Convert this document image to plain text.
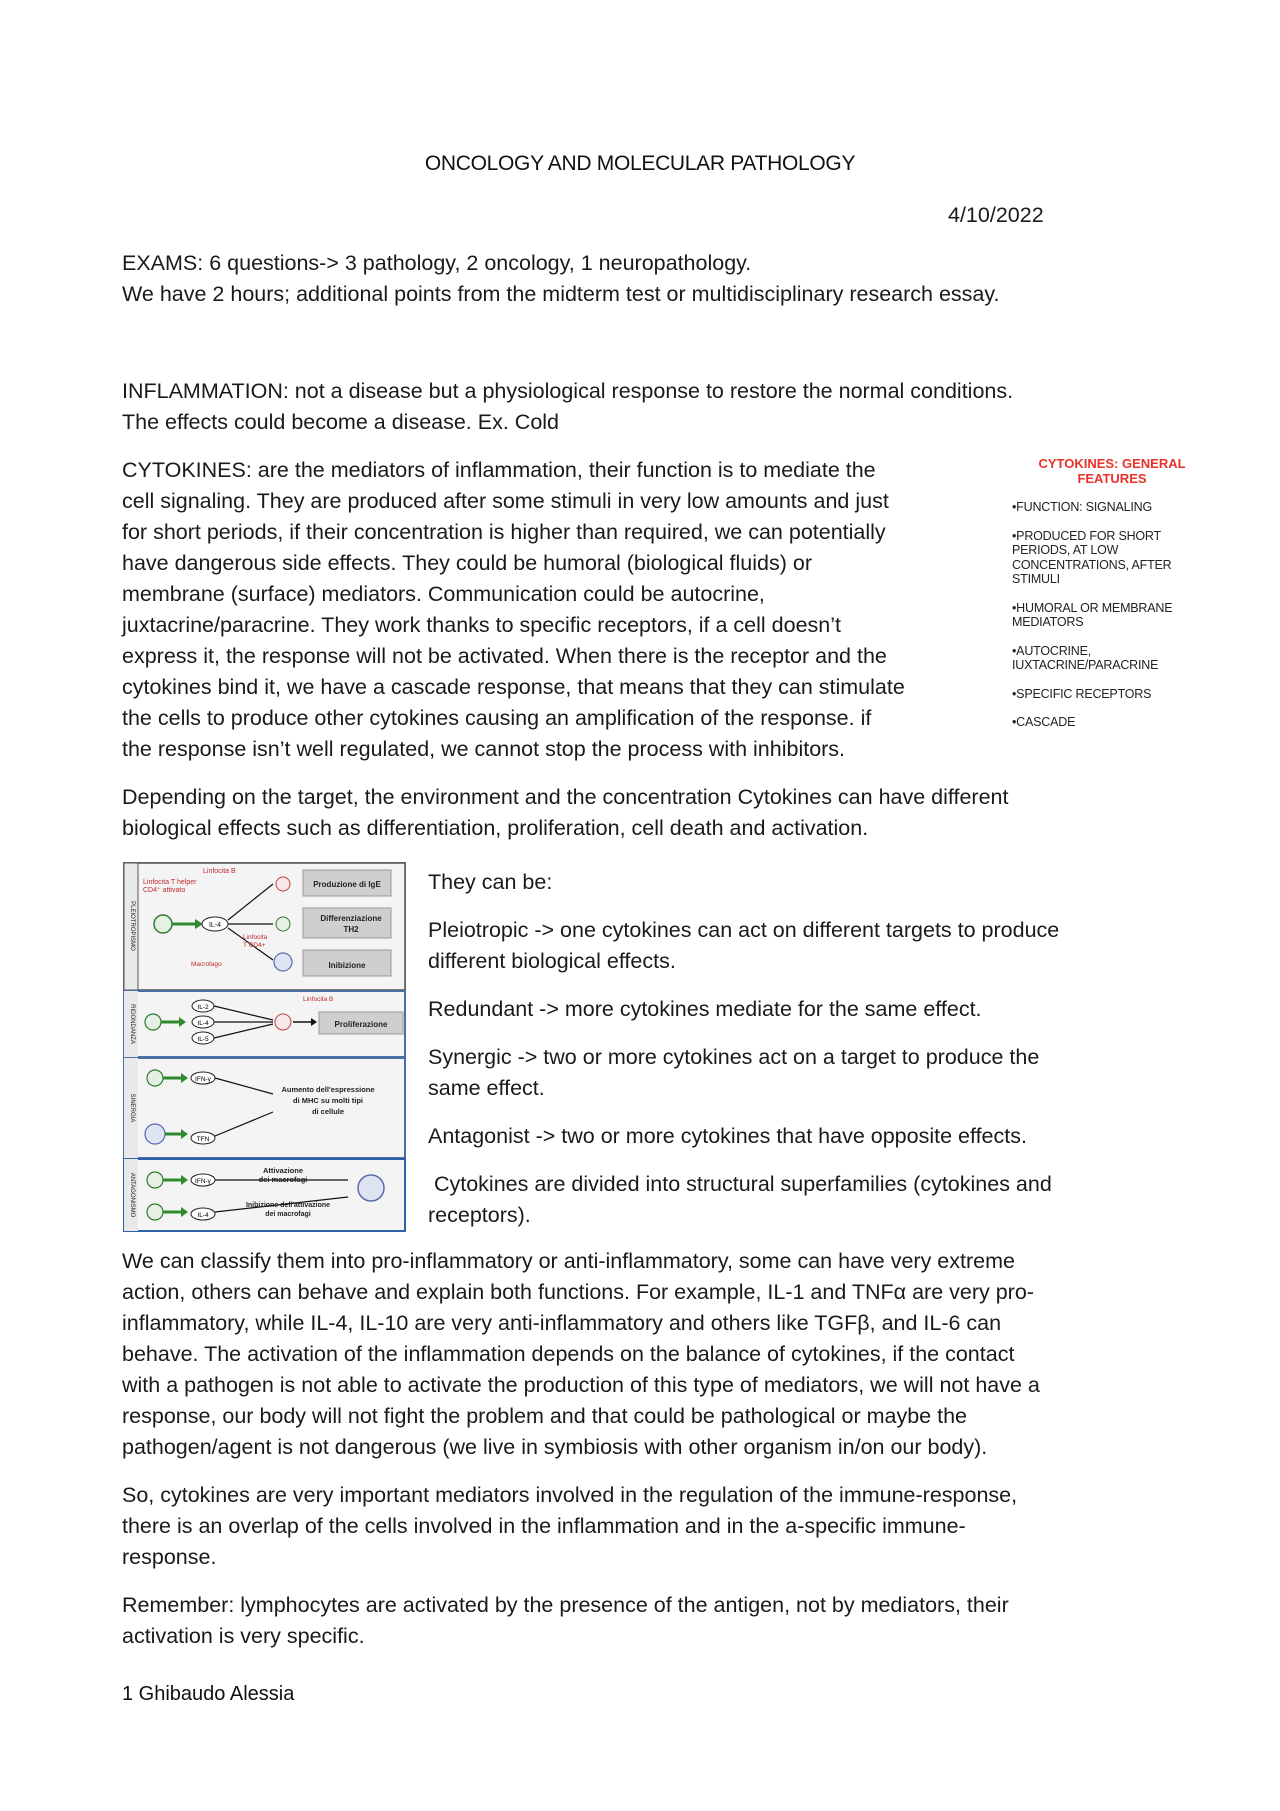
ONCOLOGY AND MOLECULAR PATHOLOGY
4/10/2022
EXAMS: 6 questions-> 3 pathology, 2 oncology, 1 neuropathology.
We have 2 hours; additional points from the midterm test or multidisciplinary research essay.
INFLAMMATION: not a disease but a physiological response to restore the normal conditions.
The effects could become a disease. Ex. Cold
CYTOKINES: are the mediators of inflammation, their function is to mediate the
cell signaling. They are produced after some stimuli in very low amounts and just
for short periods, if their concentration is higher than required, we can potentially
have dangerous side effects. They could be humoral (biological fluids) or
membrane (surface) mediators. Communication could be autocrine,
juxtacrine/paracrine. They work thanks to specific receptors, if a cell doesn’t
express it, the response will not be activated. When there is the receptor and the
cytokines bind it, we have a cascade response, that means that they can stimulate
the cells to produce other cytokines causing an amplification of the response. if
the response isn’t well regulated, we cannot stop the process with inhibitors.
CYTOKINES: GENERAL
FEATURES
•FUNCTION: SIGNALING
•PRODUCED FOR SHORT
PERIODS, AT LOW
CONCENTRATIONS, AFTER
STIMULI
•HUMORAL OR MEMBRANE
MEDIATORS
•AUTOCRINE,
IUXTACRINE/PARACRINE
•SPECIFIC RECEPTORS
•CASCADE
Depending on the target, the environment and the concentration Cytokines can have different
biological effects such as differentiation, proliferation, cell death and activation.
PLEIOTROPISMO
RIDONDANZA
SINERGIA
ANTAGONISMO
Linfocita B
Linfocita T helper
CD4⁺ attivato
IL-4
Produzione di IgE
Linfocita
T CD4+
Differenziazione
TH2
Macrofago	Inibizione
Linfocita B
IL-2
IL-4
IL-5
Proliferazione
IFN-γ
Aumento dell'espressione
di MHC su molti tipi
di cellule
TFN
IFN-γ
Attivazione
dei macrofagi
IL-4
Inibizione dell'attivazione
dei macrofagi
They can be:
Pleiotropic -> one cytokines can act on different targets to produce
different biological effects.
Redundant -> more cytokines mediate for the same effect.
Synergic -> two or more cytokines act on a target to produce the
same effect.
Antagonist -> two or more cytokines that have opposite effects.
Cytokines are divided into structural superfamilies (cytokines and
receptors).
We can classify them into pro-inflammatory or anti-inflammatory, some can have very extreme
action, others can behave and explain both functions. For example, IL-1 and TNFα are very pro-
inflammatory, while IL-4, IL-10 are very anti-inflammatory and others like TGFβ, and IL-6 can
behave. The activation of the inflammation depends on the balance of cytokines, if the contact
with a pathogen is not able to activate the production of this type of mediators, we will not have a
response, our body will not fight the problem and that could be pathological or maybe the
pathogen/agent is not dangerous (we live in symbiosis with other organism in/on our body).
So, cytokines are very important mediators involved in the regulation of the immune-response,
there is an overlap of the cells involved in the inflammation and in the a-specific immune-
response.
Remember: lymphocytes are activated by the presence of the antigen, not by mediators, their
activation is very specific.
1 Ghibaudo Alessia
